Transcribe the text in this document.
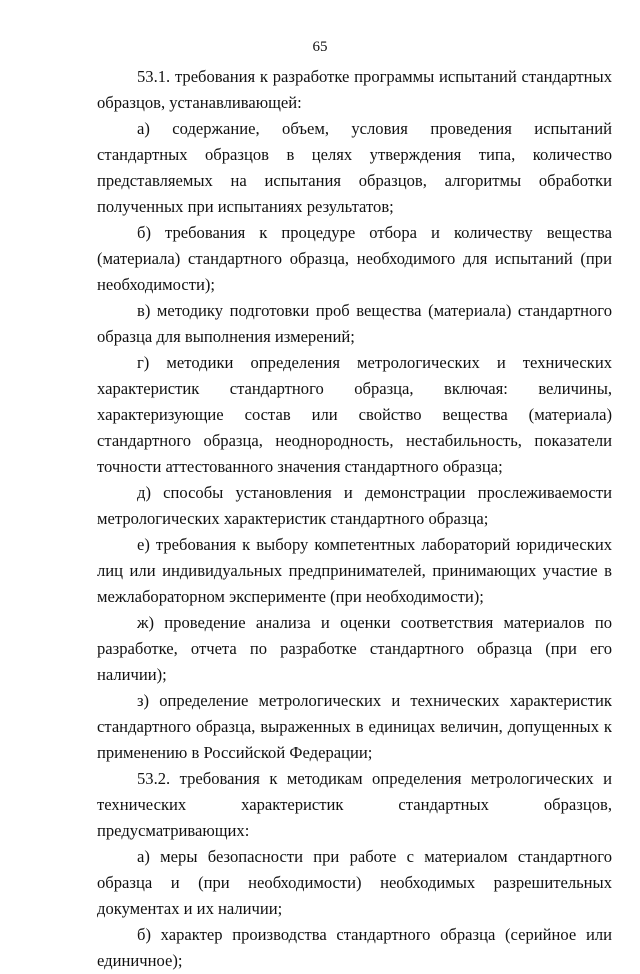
65

53.1. требования к разработке программы испытаний стандартных образцов, устанавливающей:

а) содержание, объем, условия проведения испытаний стандартных образцов в целях утверждения типа, количество представляемых на испытания образцов, алгоритмы обработки полученных при испытаниях результатов;

б) требования к процедуре отбора и количеству вещества (материала) стандартного образца, необходимого для испытаний (при необходимости);

в) методику подготовки проб вещества (материала) стандартного образца для выполнения измерений;

г) методики определения метрологических и технических характеристик стандартного образца, включая: величины, характеризующие состав или свойство вещества (материала) стандартного образца, неоднородность, нестабильность, показатели точности аттестованного значения стандартного образца;

д) способы установления и демонстрации прослеживаемости метрологических характеристик стандартного образца;

е) требования к выбору компетентных лабораторий юридических лиц или индивидуальных предпринимателей, принимающих участие в межлабораторном эксперименте (при необходимости);

ж) проведение анализа и оценки соответствия материалов по разработке, отчета по разработке стандартного образца (при его наличии);

з) определение метрологических и технических характеристик стандартного образца, выраженных в единицах величин, допущенных к применению в Российской Федерации;

53.2. требования к методикам определения метрологических и технических характеристик стандартных образцов, предусматривающих:

а) меры безопасности при работе с материалом стандартного образца и (при необходимости) необходимых разрешительных документах и их наличии;

б) характер производства стандартного образца (серийное или единичное);
